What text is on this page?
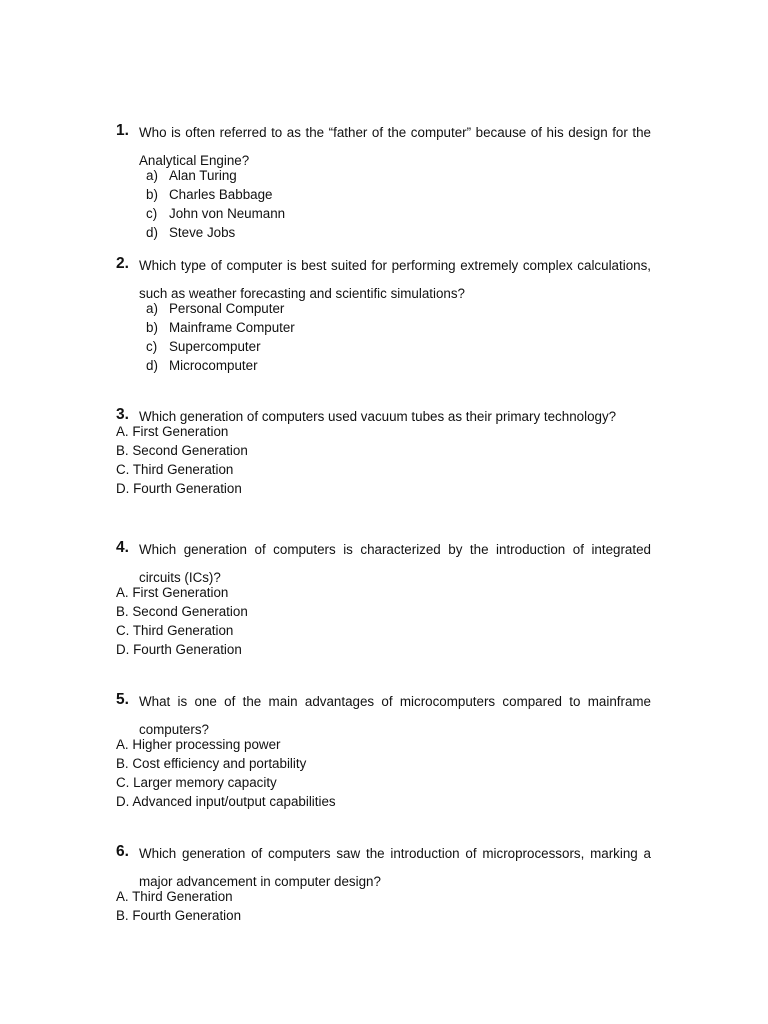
1. Who is often referred to as the “father of the computer” because of his design for the Analytical Engine?
a) Alan Turing
b) Charles Babbage
c) John von Neumann
d) Steve Jobs
2. Which type of computer is best suited for performing extremely complex calculations, such as weather forecasting and scientific simulations?
a) Personal Computer
b) Mainframe Computer
c) Supercomputer
d) Microcomputer
3. Which generation of computers used vacuum tubes as their primary technology?
A. First Generation
B. Second Generation
C. Third Generation
D. Fourth Generation
4. Which generation of computers is characterized by the introduction of integrated circuits (ICs)?
A. First Generation
B. Second Generation
C. Third Generation
D. Fourth Generation
5. What is one of the main advantages of microcomputers compared to mainframe computers?
A. Higher processing power
B. Cost efficiency and portability
C. Larger memory capacity
D. Advanced input/output capabilities
6. Which generation of computers saw the introduction of microprocessors, marking a major advancement in computer design?
A. Third Generation
B. Fourth Generation
